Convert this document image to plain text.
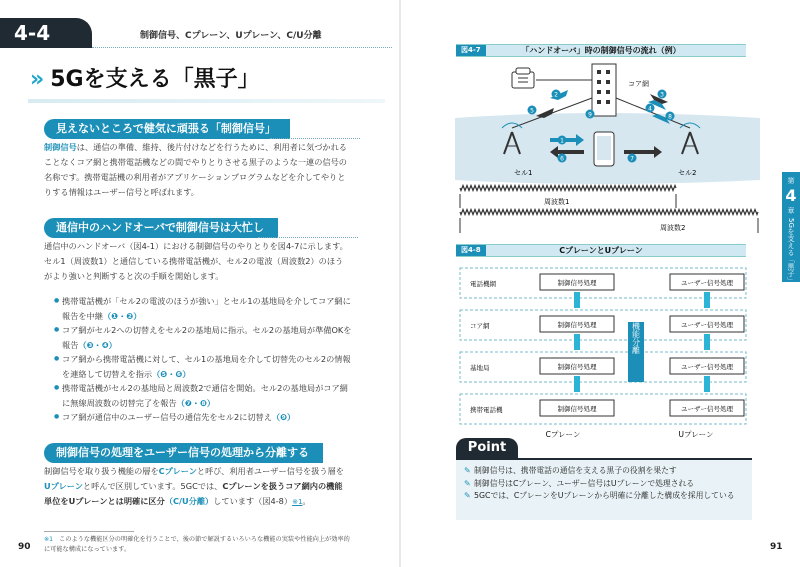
4-4	制御信号、Cプレーン、Uプレーン、C/U分離
» 5Gを支える「黒子」
見えないところで健気に頑張る「制御信号」
制御信号は、通信の準備、維持、後片付けなどを行うために、利用者に気づかれることなくコア網と携帯電話機などの間でやりとりさせる黒子のような一連の信号の名称です。携帯電話機の利用者がアプリケーションプログラムなどを介してやりとりする情報はユーザー信号と呼ばれます。
通信中のハンドオーバで制御信号は大忙し
通信中のハンドオーバ（図4-1）における制御信号のやりとりを図4-7に示します。セル1（周波数1）と通信している携帯電話機が、セル2の電波（周波数2）のほうがより強いと判断すると次の手順を開始します。
● 携帯電話機が「セル2の電波のほうが強い」とセル1の基地局を介してコア網に報告を中継（❶・❷）
● コア網がセル2への切替えをセル2の基地局に指示。セル2の基地局が準備OKを報告（❸・❹）
● コア網から携帯電話機に対して、セル1の基地局を介して切替先のセル2の情報を連絡して切替えを指示（❺・❻）
● 携帯電話機がセル2の基地局と周波数2で通信を開始。セル2の基地局がコア網に無線周波数の切替完了を報告（❼・❽）
● コア網が通信中のユーザー信号の通信先をセル2に切替え（❾）
制御信号の処理をユーザー信号の処理から分離する
制御信号を取り扱う機能の層をCプレーンと呼び、利用者ユーザー信号を扱う層をUプレーンと呼んで区別しています。5GCでは、Cプレーンを扱うコア網内の機能単位をUプレーンとは明確に区分（C/U分離）しています（図4-8）※1。
※1 このような機能区分の明確化を行うことで、後の節で解説するいろいろな機能の実装や性能向上が効率的に可能な構成になっています。
90
図4-7	「ハンドオーバ」時の制御信号の流れ（例）
コア網
1
2	3
4
5
6	7
8
9
セル1	セル2
周波数1
周波数2
図4-8	CプレーンとUプレーン
電話機網	制御信号処理	ユーザー信号処理
コア網	制御信号処理	ユーザー信号処理
基地局	制御信号処理	ユーザー信号処理
携帯電話機	制御信号処理	ユーザー信号処理
機能分離
Cプレーン	Uプレーン
第
4
章
5Gを支える「黒子」
Point
✎ 制御信号は、携帯電話の通信を支える黒子の役割を果たす
✎ 制御信号はCプレーン、ユーザー信号はUプレーンで処理される
✎ 5GCでは、CプレーンをUプレーンから明確に分離した構成を採用している
91
